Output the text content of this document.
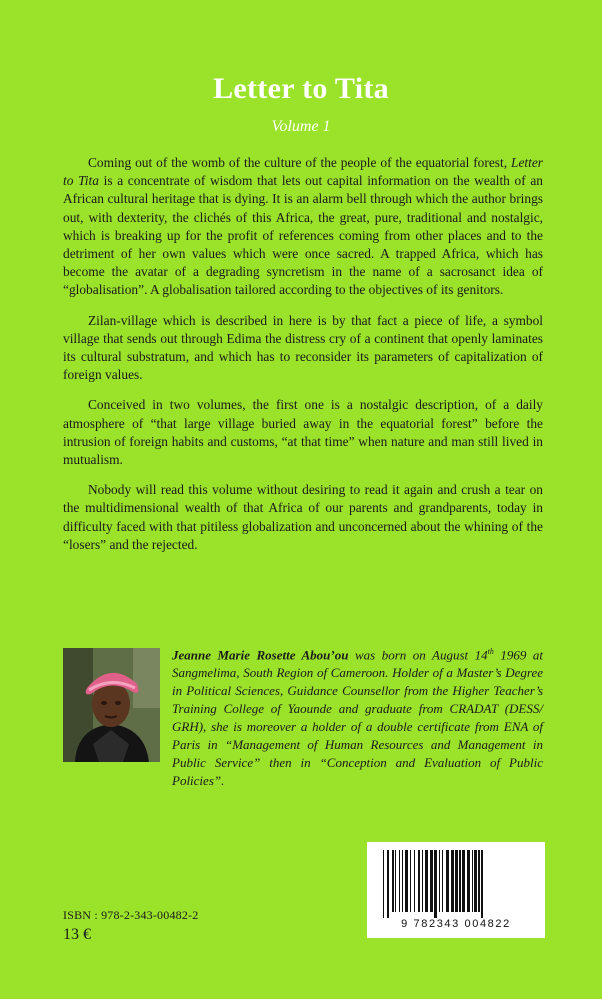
Letter to Tita
Volume 1

Coming out of the womb of the culture of the people of the equatorial forest, Letter to Tita is a concentrate of wisdom that lets out capital information on the wealth of an African cultural heritage that is dying. It is an alarm bell through which the author brings out, with dexterity, the clichés of this Africa, the great, pure, traditional and nostalgic, which is breaking up for the profit of references coming from other places and to the detriment of her own values which were once sacred. A trapped Africa, which has become the avatar of a degrading syncretism in the name of a sacrosanct idea of “globalisation”. A globalisation tailored according to the objectives of its genitors.

Zilan-village which is described in here is by that fact a piece of life, a symbol village that sends out through Edima the distress cry of a continent that openly laminates its cultural substratum, and which has to reconsider its parameters of capitalization of foreign values.

Conceived in two volumes, the first one is a nostalgic description, of a daily atmosphere of “that large village buried away in the equatorial forest” before the intrusion of foreign habits and customs, “at that time” when nature and man still lived in mutualism.

Nobody will read this volume without desiring to read it again and crush a tear on the multidimensional wealth of that Africa of our parents and grandparents, today in difficulty faced with that pitiless globalization and unconcerned about the whining of the “losers” and the rejected.

Jeanne Marie Rosette Abou’ou was born on August 14th 1969 at Sangmelima, South Region of Cameroon. Holder of a Master’s Degree in Political Sciences, Guidance Counsellor from the Higher Teacher’s Training College of Yaounde and graduate from CRADAT (DESS/ GRH), she is moreover a holder of a double certificate from ENA of Paris in “Management of Human Resources and Management in Public Service” then in “Conception and Evaluation of Public Policies”.
ISBN : 978-2-343-00482-2
13 €
9 782343 004822
